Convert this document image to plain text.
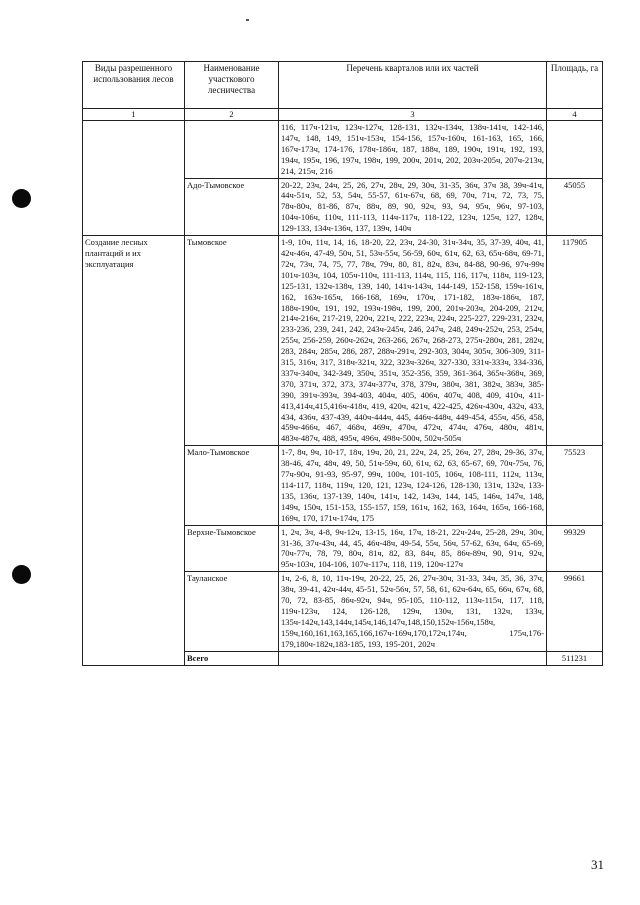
Виды разрешенного использования лесов	Наименование участкового лесничества	Перечень кварталов или их частей	Площадь, га
1	2	3	4
		116, 117ч-121ч, 123ч-127ч, 128-131, 132ч-134ч, 138ч-141ч, 142-146, 147ч, 148, 149, 151ч-153ч, 154-156, 157ч-160ч, 161-163, 165, 166, 167ч-173ч, 174-176, 178ч-186ч, 187, 188ч, 189, 190ч, 191ч, 192, 193, 194ч, 195ч, 196, 197ч, 198ч, 199, 200ч, 201ч, 202, 203ч-205ч, 207ч-213ч, 214, 215ч, 216	
	Адо-Тымовское	20-22, 23ч, 24ч, 25, 26, 27ч, 28ч, 29, 30ч, 31-35, 36ч, 37ч 38, 39ч-41ч, 44ч-51ч, 52, 53, 54ч, 55-57, 61ч-67ч, 68, 69, 70ч, 71ч, 72, 73, 75, 78ч-80ч, 81-86, 87ч, 88ч, 89, 90, 92ч, 93, 94, 95ч, 96ч, 97-103, 104ч-106ч, 110ч, 111-113, 114ч-117ч, 118-122, 123ч, 125ч, 127, 128ч, 129-133, 134ч-136ч, 137, 139ч, 140ч	45055
Создание лесных плантаций и их эксплуатация	Тымовское	1-9, 10ч, 11ч, 14, 16, 18-20, 22, 23ч, 24-30, 31ч-34ч, 35, 37-39, 40ч, 41, 42ч-46ч, 47-49, 50ч, 51, 53ч-55ч, 56-59, 60ч, 61ч, 62, 63, 65ч-68ч, 69-71, 72ч, 73ч, 74, 75, 77, 78ч, 79ч, 80, 81, 82ч, 83ч, 84-88, 90-96, 97ч-99ч 101ч-103ч, 104, 105ч-110ч, 111-113, 114ч, 115, 116, 117ч, 118ч, 119-123, 125-131, 132ч-138ч, 139, 140, 141ч-143ч, 144-149, 152-158, 159ч-161ч, 162, 163ч-165ч, 166-168, 169ч, 170ч, 171-182, 183ч-186ч, 187, 188ч-190ч, 191, 192, 193ч-198ч, 199, 200, 201ч-203ч, 204-209, 212ч, 214ч-216ч, 217-219, 220ч, 221ч, 222, 223ч, 224ч, 225-227, 229-231, 232ч, 233-236, 239, 241, 242, 243ч-245ч, 246, 247ч, 248, 249ч-252ч, 253, 254ч, 255ч, 256-259, 260ч-262ч, 263-266, 267ч, 268-273, 275ч-280ч, 281, 282ч, 283, 284ч, 285ч, 286, 287, 288ч-291ч, 292-303, 304ч, 305ч, 306-309, 311-315, 316ч, 317, 318ч-321ч, 322, 323ч-326ч, 327-330, 331ч-333ч, 334-336, 337ч-340ч, 342-349, 350ч, 351ч, 352-356, 359, 361-364, 365ч-368ч, 369, 370, 371ч, 372, 373, 374ч-377ч, 378, 379ч, 380ч, 381, 382ч, 383ч, 385-390, 391ч-393ч, 394-403, 404ч, 405, 406ч, 407ч, 408, 409, 410ч, 411-413,414ч,415,416ч-418ч, 419, 420ч, 421ч, 422-425, 426ч-430ч, 432ч, 433, 434, 436ч, 437-439, 440ч-444ч, 445, 446ч-448ч, 449-454, 455ч, 456, 458, 459ч-466ч, 467, 468ч, 469ч, 470ч, 472ч, 474ч, 476ч, 480ч, 481ч, 483ч-487ч, 488, 495ч, 496ч, 498ч-500ч, 502ч-505ч	117905
	Мало-Тымовское	1-7, 8ч, 9ч, 10-17, 18ч, 19ч, 20, 21, 22ч, 24, 25, 26ч, 27, 28ч, 29-36, 37ч, 38-46, 47ч, 48ч, 49, 50, 51ч-59ч, 60, 61ч, 62, 63, 65-67, 69, 70ч-75ч, 76, 77ч-90ч, 91-93, 95-97, 99ч, 100ч, 101-105, 106ч, 108-111, 112ч, 113ч, 114-117, 118ч, 119ч, 120, 121, 123ч, 124-126, 128-130, 131ч, 132ч, 133-135, 136ч, 137-139, 140ч, 141ч, 142, 143ч, 144, 145, 146ч, 147ч, 148, 149ч, 150ч, 151-153, 155-157, 159, 161ч, 162, 163, 164ч, 165ч, 166-168, 169ч, 170, 171ч-174ч, 175	75523
	Верхне-Тымовское	1, 2ч, 3ч, 4-8, 9ч-12ч, 13-15, 16ч, 17ч, 18-21, 22ч-24ч, 25-28, 29ч, 30ч, 31-36, 37ч-43ч, 44, 45, 46ч-48ч, 49-54, 55ч, 56ч, 57-62, 63ч, 64ч, 65-69, 70ч-77ч, 78, 79, 80ч, 81ч, 82, 83, 84ч, 85, 86ч-89ч, 90, 91ч, 92ч, 95ч-103ч, 104-106, 107ч-117ч, 118, 119, 120ч-127ч	99329
	Тауланское	1ч, 2-6, 8, 10, 11ч-19ч, 20-22, 25, 26, 27ч-30ч, 31-33, 34ч, 35, 36, 37ч, 38ч, 39-41, 42ч-44ч, 45-51, 52ч-56ч, 57, 58, 61, 62ч-64ч, 65, 66ч, 67ч, 68, 70, 72, 83-85, 86ч-92ч, 94ч, 95-105, 110-112, 113ч-115ч, 117, 118, 119ч-123ч, 124, 126-128, 129ч, 130ч, 131, 132ч, 133ч, 135ч-142ч,143,144ч,145ч,146,147ч,148,150,152ч-156ч,158ч, 159ч,160,161,163,165,166,167ч-169ч,170,172ч,174ч, 175ч,176-179,180ч-182ч,183-185, 193, 195-201, 202ч	99661
	Всего		511231
31
